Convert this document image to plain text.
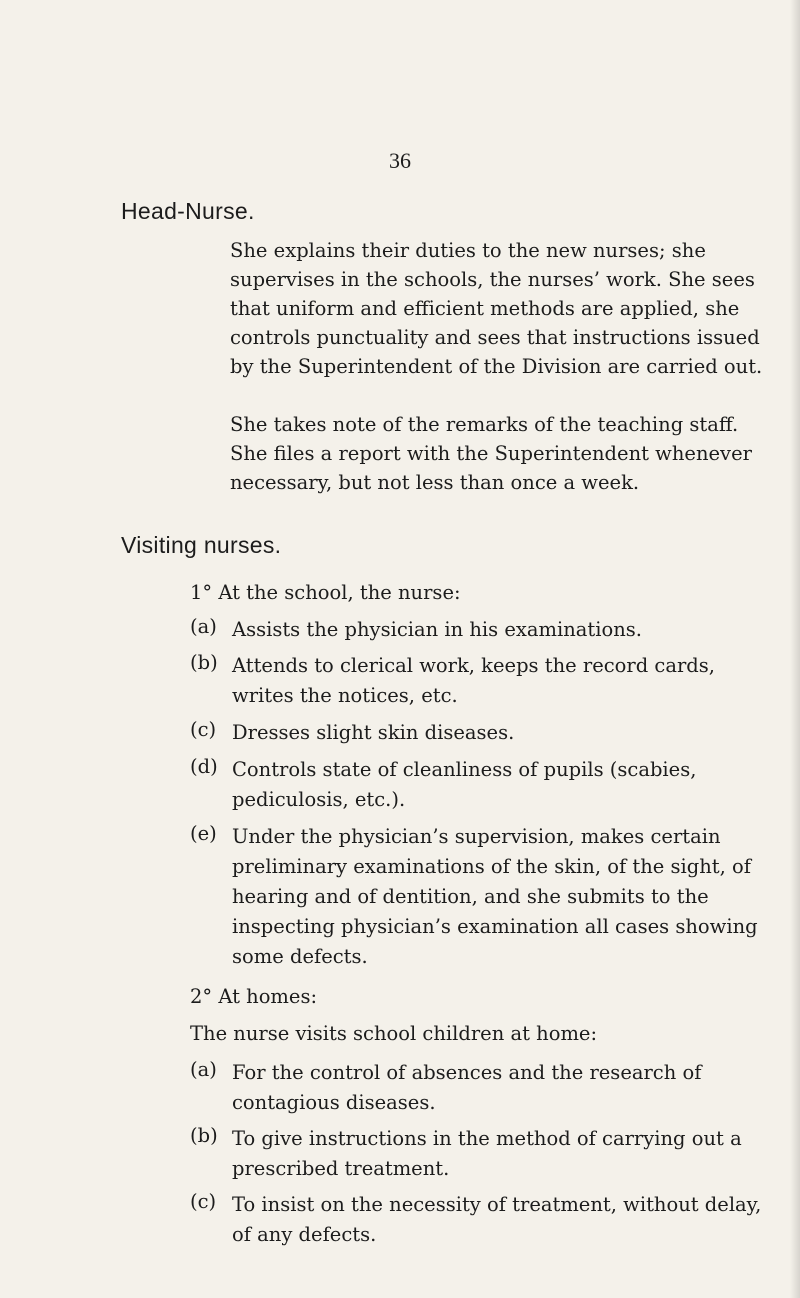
36
Head-Nurse.

She explains their duties to the new nurses; she supervises in the schools, the nurses’ work. She sees that uniform and efficient methods are applied, she controls punctuality and sees that instructions issued by the Superintendent of the Division are carried out.

She takes note of the remarks of the teaching staff. She files a report with the Superintendent whenever necessary, but not less than once a week.

Visiting nurses.
1° At the school, the nurse:
(a) Assists the physician in his examinations.
(b) Attends to clerical work, keeps the record cards, writes the notices, etc.
(c) Dresses slight skin diseases.
(d) Controls state of cleanliness of pupils (scabies, pediculosis, etc.).
(e) Under the physician’s supervision, makes certain preliminary examinations of the skin, of the sight, of hearing and of dentition, and she submits to the inspecting physician’s examination all cases showing some defects.
2° At homes:
The nurse visits school children at home:
(a) For the control of absences and the research of contagious diseases.
(b) To give instructions in the method of carrying out a prescribed treatment.
(c) To insist on the necessity of treatment, without delay, of any defects.
